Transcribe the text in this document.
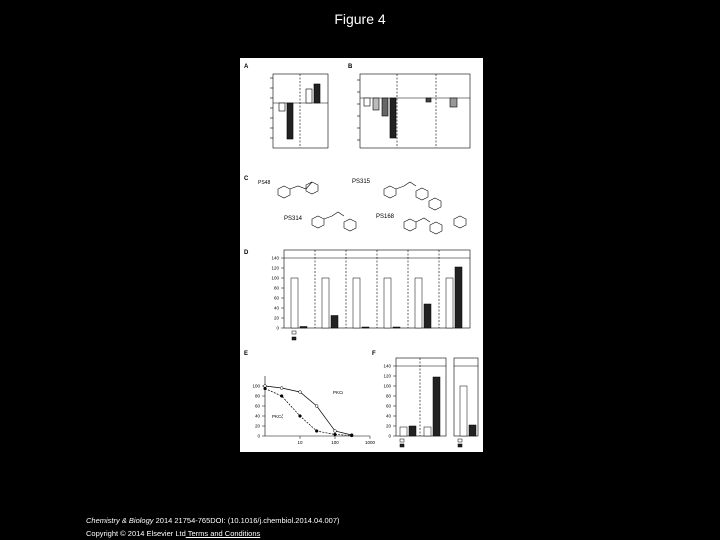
Figure 4
A	B
C
D
E	F
PS48	PS315
PS314	PS168
0
20
40
60
80
100
120
140
0
20
40
60
80
100
10	100	1000
PKCζ
PKCι
0
20
40
60
80
100
120
140
Chemistry & Biology 2014 21754-765DOI: (10.1016/j.chembiol.2014.04.007)
Copyright © 2014 Elsevier Ltd Terms and Conditions
